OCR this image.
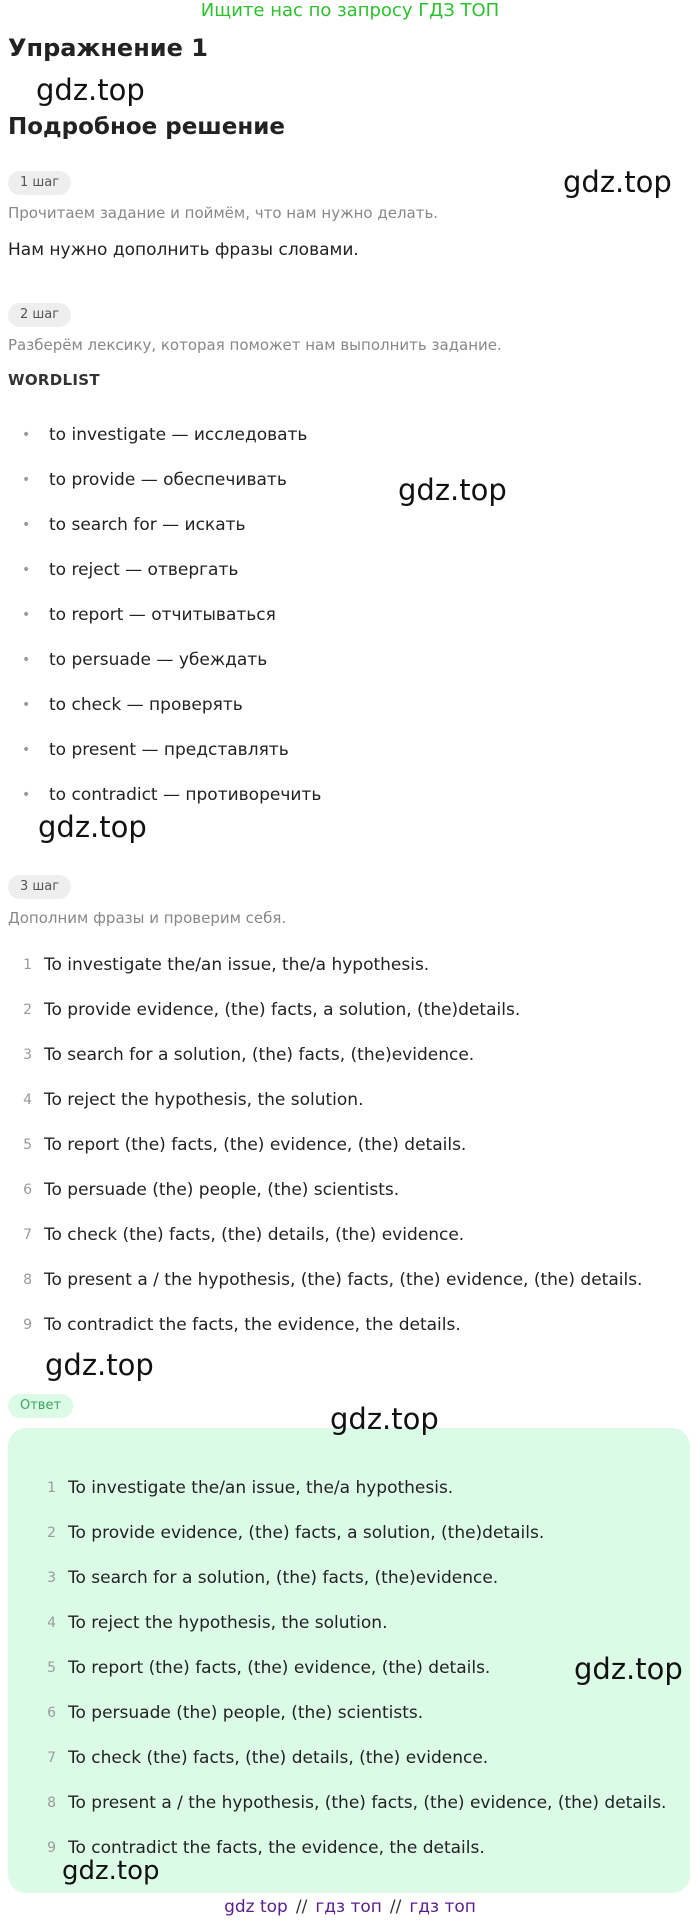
Ищите нас по запросу ГДЗ ТОП
Упражнение 1
gdz.top
Подробное решение
gdz.top
1 шаг
Прочитаем задание и поймём, что нам нужно делать.
Нам нужно дополнить фразы словами.
2 шаг
Разберём лексику, которая поможет нам выполнить задание.
WORDLIST
• to investigate — исследовать
• to provide — обеспечивать
• to search for — искать
• to reject — отвергать
• to report — отчитываться
• to persuade — убеждать
• to check — проверять
• to present — представлять
• to contradict — противоречить
gdz.top
gdz.top
3 шаг
Дополним фразы и проверим себя.
1 To investigate the/an issue, the/a hypothesis.
2 To provide evidence, (the) facts, a solution, (the)details.
3 To search for a solution, (the) facts, (the)evidence.
4 To reject the hypothesis, the solution.
5 To report (the) facts, (the) evidence, (the) details.
6 To persuade (the) people, (the) scientists.
7 To check (the) facts, (the) details, (the) evidence.
8 To present a / the hypothesis, (the) facts, (the) evidence, (the) details.
9 To contradict the facts, the evidence, the details.
gdz.top
Ответ	gdz.top
1 To investigate the/an issue, the/a hypothesis.
2 To provide evidence, (the) facts, a solution, (the)details.
3 To search for a solution, (the) facts, (the)evidence.
4 To reject the hypothesis, the solution.
5 To report (the) facts, (the) evidence, (the) details.
6 To persuade (the) people, (the) scientists.
7 To check (the) facts, (the) details, (the) evidence.
8 To present a / the hypothesis, (the) facts, (the) evidence, (the) details.
9 To contradict the facts, the evidence, the details.
gdz.top
gdz.top
gdz top // гдз топ // гдз топ
